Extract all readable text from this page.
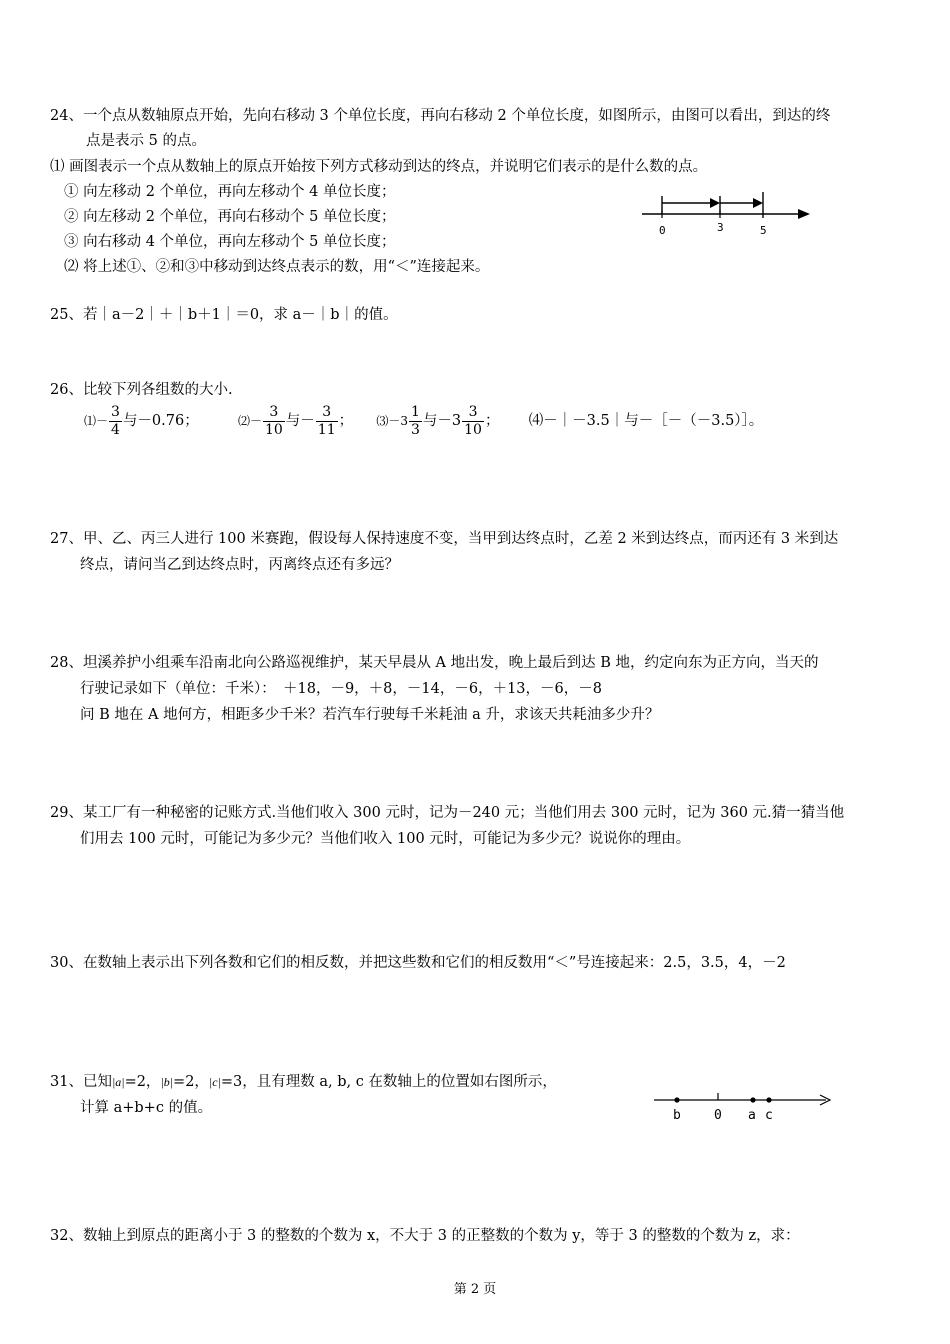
24、一个点从数轴原点开始，先向右移动 3 个单位长度，再向右移动 2 个单位长度，如图所示，由图可以看出，到达的终
点是表示 5 的点。
⑴ 画图表示一个点从数轴上的原点开始按下列方式移动到达的终点，并说明它们表示的是什么数的点。
① 向左移动 2 个单位，再向左移动个 4 单位长度；
② 向左移动 2 个单位，再向右移动个 5 单位长度；
③ 向右移动 4 个单位，再向左移动个 5 单位长度；
⑵ 将上述①、②和③中移动到达终点表示的数，用“＜”连接起来。
0	3	5
25、若｜a－2｜＋｜b＋1｜＝0，求 a－｜b｜的值。
26、比较下列各组数的大小.
⑴－ $\frac{3}{4}$ 与－0.76；	⑵－ $\frac{3}{10}$ 与－ $\frac{3}{11}$ ； ⑶－3 $\frac{1}{3}$ 与$-3 \frac{3}{10}$ ； ⑷－｜－3.5｜与－［－（－3.5）］。
27、甲、乙、丙三人进行 100 米赛跑，假设每人保持速度不变，当甲到达终点时，乙差 2 米到达终点，而丙还有 3 米到达
终点，请问当乙到达终点时，丙离终点还有多远？
28、坦溪养护小组乘车沿南北向公路巡视维护，某天早晨从 A 地出发，晚上最后到达 B 地，约定向东为正方向，当天的
行驶记录如下（单位：千米）：　＋18，－9，＋8，－14，－6，＋13，－6，－8
问 B 地在 A 地何方，相距多少千米？若汽车行驶每千米耗油 a 升，求该天共耗油多少升？
29、某工厂有一种秘密的记账方式.当他们收入 300 元时，记为－240 元；当他们用去 300 元时，记为 360 元.猜一猜当他
们用去 100 元时，可能记为多少元？当他们收入 100 元时，可能记为多少元？说说你的理由。
30、在数轴上表示出下列各数和它们的相反数，并把这些数和它们的相反数用“＜”号连接起来：2.5，3.5，4，－2
31、已知|a|=2，|b|=2，|c|=3，且有理数 a, b, c 在数轴上的位置如右图所示，
计算 a+b+c 的值。	b	0 a c
32、数轴上到原点的距离小于 3 的整数的个数为 x，不大于 3 的正整数的个数为 y，等于 3 的整数的个数为 z，求：
第 2 页
